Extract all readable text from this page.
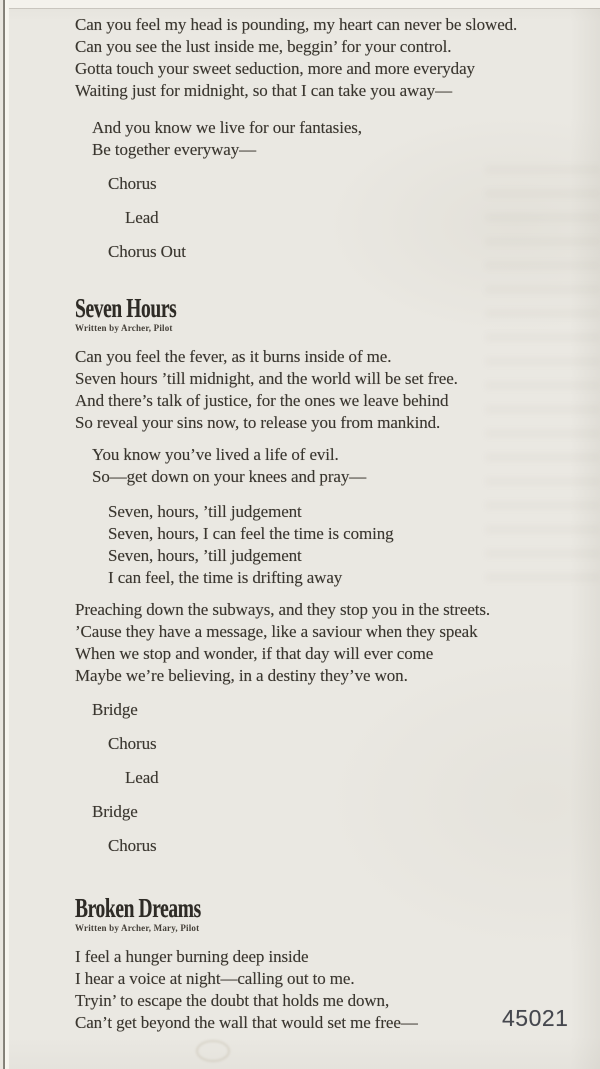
Can you feel my head is pounding, my heart can never be slowed.
Can you see the lust inside me, beggin’ for your control.
Gotta touch your sweet seduction, more and more everyday
Waiting just for midnight, so that I can take you away—
And you know we live for our fantasies,
Be together everyway—
Chorus
Lead
Chorus Out
Seven Hours
Written by Archer, Pilot
Can you feel the fever, as it burns inside of me.
Seven hours ’till midnight, and the world will be set free.
And there’s talk of justice, for the ones we leave behind
So reveal your sins now, to release you from mankind.
You know you’ve lived a life of evil.
So—get down on your knees and pray—
Seven, hours, ’till judgement
Seven, hours, I can feel the time is coming
Seven, hours, ’till judgement
I can feel, the time is drifting away
Preaching down the subways, and they stop you in the streets.
’Cause they have a message, like a saviour when they speak
When we stop and wonder, if that day will ever come
Maybe we’re believing, in a destiny they’ve won.
Bridge
Chorus
Lead
Bridge
Chorus
Broken Dreams
Written by Archer, Mary, Pilot
I feel a hunger burning deep inside
I hear a voice at night—calling out to me.
Tryin’ to escape the doubt that holds me down,
Can’t get beyond the wall that would set me free—	45021
